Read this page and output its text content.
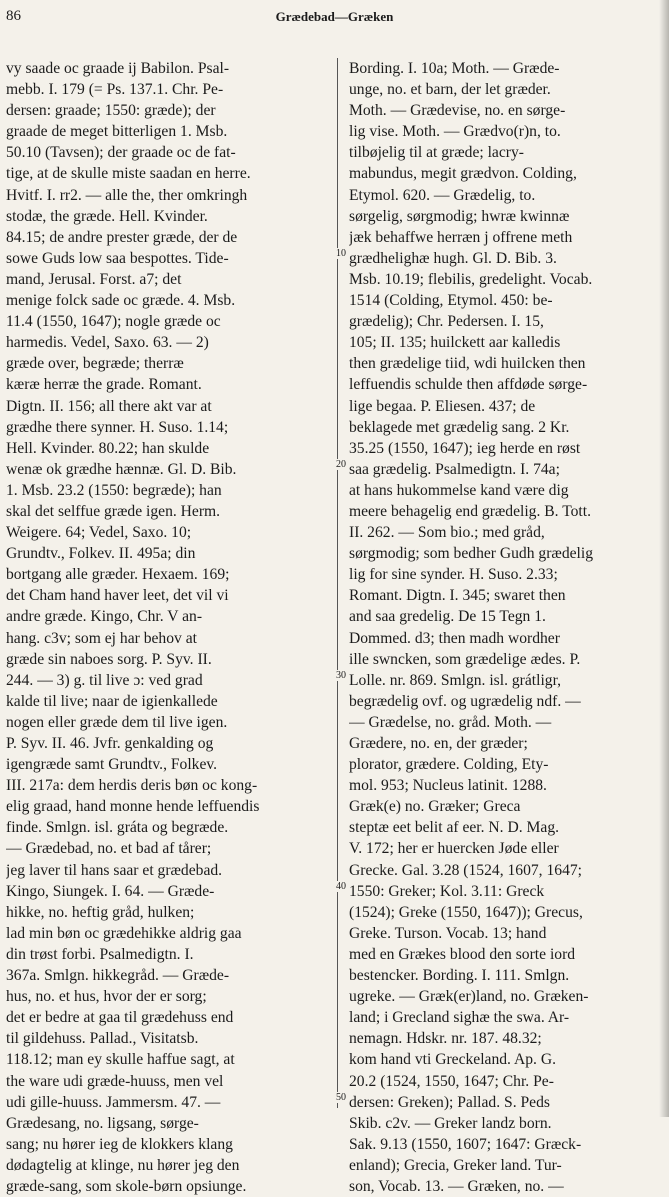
86	Grædebad—Græken
vy saade oc graade ij Babilon. Psal-
mebb. I. 179 (= Ps. 137.1. Chr. Pe-
dersen: graade; 1550: græde); der
graade de meget bitterligen 1. Msb.
50.10 (Tavsen); der graade oc de fat-
tige, at de skulle miste saadan en herre.
Hvitf. I. rr2. — alle the, ther omkringh
stodæ, the græde. Hell. Kvinder.
84.15; de andre prester græde, der de
sowe Guds low saa bespottes. Tide-
mand, Jerusal. Forst. a7; det
menige folck sade oc græde. 4. Msb.
11.4 (1550, 1647); nogle græde oc
harmedis. Vedel, Saxo. 63. — 2)
græde over, begræde; therræ
kæræ herræ the grade. Romant.
Digtn. II. 156; all there akt var at
grædhe there synner. H. Suso. 1.14;
Hell. Kvinder. 80.22; han skulde
wenæ ok grædhe hænnæ. Gl. D. Bib.
1. Msb. 23.2 (1550: begræde); han
skal det selffue græde igen. Herm.
Weigere. 64; Vedel, Saxo. 10;
Grundtv., Folkev. II. 495a; din
bortgang alle græder. Hexaem. 169;
det Cham hand haver leet, det vil vi
andre græde. Kingo, Chr. V an-
hang. c3v; som ej har behov at
græde sin naboes sorg. P. Syv. II.
244. — 3) g. til live ɔ: ved grad
kalde til live; naar de igienkallede
nogen eller græde dem til live igen.
P. Syv. II. 46. Jvfr. genkalding og
igengræde samt Grundtv., Folkev.
III. 217a: dem herdis deris bøn oc kong-
elig graad, hand monne hende leffuendis
finde. Smlgn. isl. gráta og begræde.
— Grædebad, no. et bad af tårer;
jeg laver til hans saar et grædebad.
Kingo, Siungek. I. 64. — Græde-
hikke, no. heftig gråd, hulken;
lad min bøn oc grædehikke aldrig gaa
din trøst forbi. Psalmedigtn. I.
367a. Smlgn. hikkegråd. — Græde-
hus, no. et hus, hvor der er sorg;
det er bedre at gaa til grædehuss end
til gildehuss. Pallad., Visitatsb.
118.12; man ey skulle haffue sagt, at
the ware udi græde-huuss, men vel
udi gille-huuss. Jammersm. 47. —
Grædesang, no. ligsang, sørge-
sang; nu hører ieg de klokkers klang
dødagtelig at klinge, nu hører jeg den
græde-sang, som skole-børn opsiunge.
Bording. I. 10a; Moth. — Græde-
unge, no. et barn, der let græder.
Moth. — Grædevise, no. en sørge-
lig vise. Moth. — Grædvo(r)n, to.
tilbøjelig til at græde; lacry-
mabundus, megit grædvon. Colding,
Etymol. 620. — Grædelig, to.
sørgelig, sørgmodig; hwræ kwinnæ
jæk behaffwe herræn j offrene meth
grædhelighæ hugh. Gl. D. Bib. 3.
Msb. 10.19; flebilis, gredelight. Vocab.
1514 (Colding, Etymol. 450: be-
grædelig); Chr. Pedersen. I. 15,
105; II. 135; huilckett aar kalledis
then grædelige tiid, wdi huilcken then
leffuendis schulde then affdøde sørge-
lige begaa. P. Eliesen. 437; de
beklagede met grædelig sang. 2 Kr.
35.25 (1550, 1647); ieg herde en røst
saa grædelig. Psalmedigtn. I. 74a;
at hans hukommelse kand være dig
meere behagelig end grædelig. B. Tott.
II. 262. — Som bio.; med gråd,
sørgmodig; som bedher Gudh grædelig
lig for sine synder. H. Suso. 2.33;
Romant. Digtn. I. 345; swaret then
and saa gredelig. De 15 Tegn 1.
Dommed. d3; then madh wordher
ille swncken, som grædelige ædes. P.
Lolle. nr. 869. Smlgn. isl. grátligr,
begrædelig ovf. og ugrædelig ndf. —
— Grædelse, no. gråd. Moth. —
Grædere, no. en, der græder;
plorator, grædere. Colding, Ety-
mol. 953; Nucleus latinit. 1288.
Græk(e) no. Græker; Greca
steptæ eet belit af eer. N. D. Mag.
V. 172; her er huercken Jøde eller
Grecke. Gal. 3.28 (1524, 1607, 1647;
1550: Greker; Kol. 3.11: Greck
(1524); Greke (1550, 1647)); Grecus,
Greke. Turson. Vocab. 13; hand
med en Grækes blood den sorte iord
bestencker. Bording. I. 111. Smlgn.
ugreke. — Græk(er)land, no. Græken-
land; i Grecland sighæ the swa. Ar-
nemagn. Hdskr. nr. 187. 48.32;
kom hand vti Greckeland. Ap. G.
20.2 (1524, 1550, 1647; Chr. Pe-
dersen: Greken); Pallad. S. Peds
Skib. c2v. — Greker landz born.
Sak. 9.13 (1550, 1607; 1647: Græck-
enland); Grecia, Greker land. Tur-
son, Vocab. 13. — Græken, no. —
10
20
30
40
50
